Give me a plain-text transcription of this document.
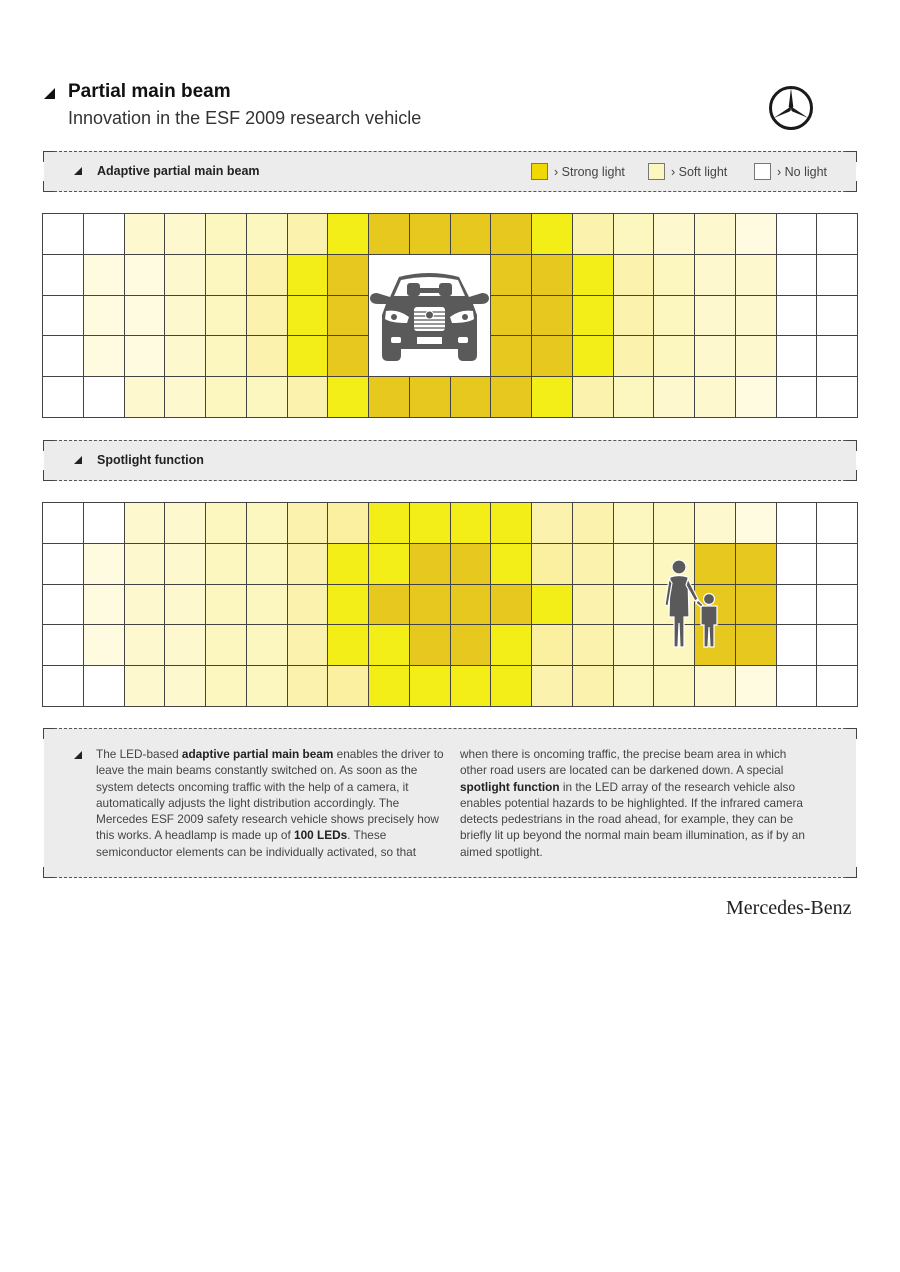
Partial main beam
Innovation in the ESF 2009 research vehicle
Adaptive partial main beam	› Strong light	› Soft light	› No light
Spotlight function
The LED-based adaptive partial main beam enables the driver to leave the main beams constantly switched on. As soon as the system detects oncoming traffic with the help of a camera, it automatically adjusts the light distribution accordingly. The Mercedes ESF 2009 safety research vehicle shows precisely how this works. A headlamp is made up of 100 LEDs. These semiconductor elements can be individually activated, so that
when there is oncoming traffic, the precise beam area in which other road users are located can be darkened down. A special spotlight function in the LED array of the research vehicle also enables potential hazards to be highlighted. If the infrared camera detects pedestrians in the road ahead, for example, they can be briefly lit up beyond the normal main beam illumination, as if by an aimed spotlight.
Mercedes-Benz
